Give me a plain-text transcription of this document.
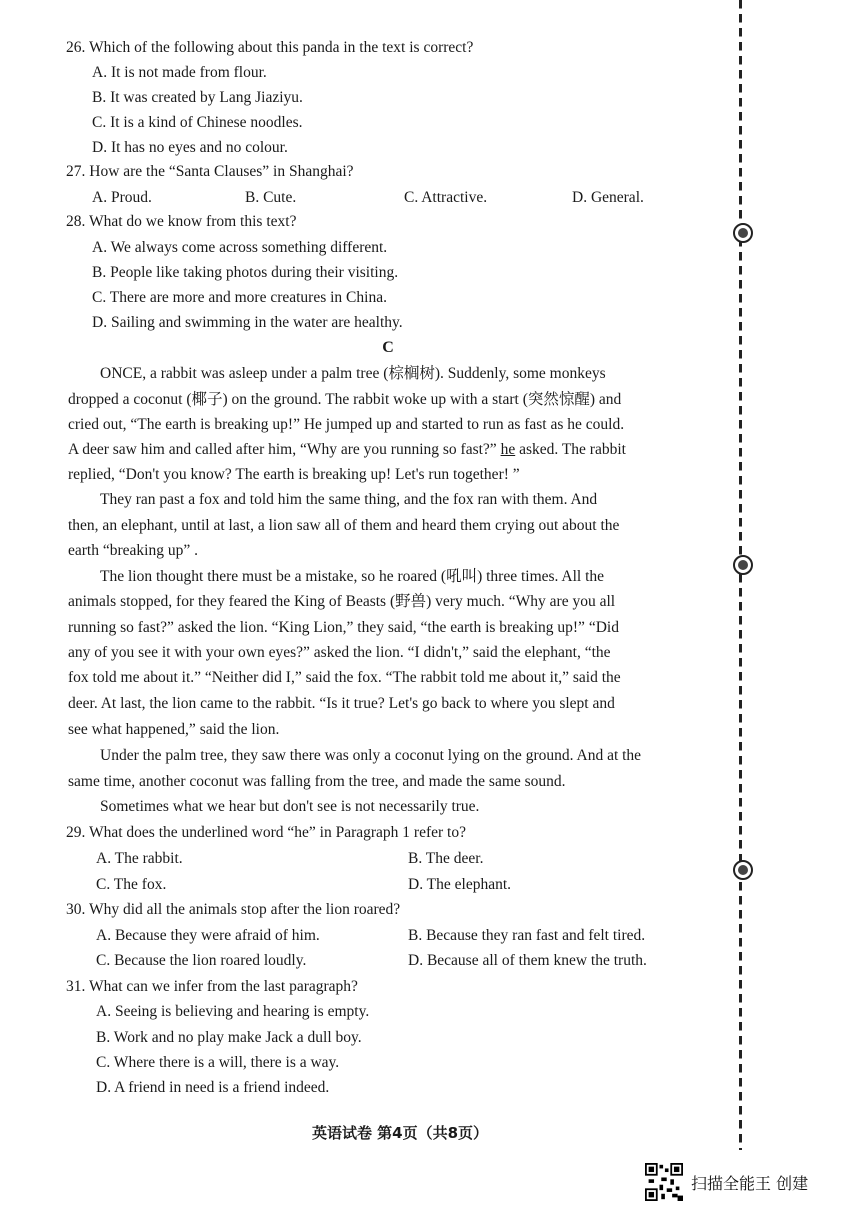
26. Which of the following about this panda in the text is correct?
A. It is not made from flour.
B. It was created by Lang Jiaziyu.
C. It is a kind of Chinese noodles.
D. It has no eyes and no colour.
27. How are the “Santa Clauses” in Shanghai?
A. Proud.	B. Cute.	C. Attractive.	D. General.
28. What do we know from this text?
A. We always come across something different.
B. People like taking photos during their visiting.
C. There are more and more creatures in China.
D. Sailing and swimming in the water are healthy.
C
ONCE, a rabbit was asleep under a palm tree (棕榈树). Suddenly, some monkeys
dropped a coconut (椰子) on the ground. The rabbit woke up with a start (突然惊醒) and
cried out, “The earth is breaking up!” He jumped up and started to run as fast as he could.
A deer saw him and called after him, “Why are you running so fast?” he asked. The rabbit
replied, “Don't you know? The earth is breaking up! Let's run together! ”
They ran past a fox and told him the same thing, and the fox ran with them. And
then, an elephant, until at last, a lion saw all of them and heard them crying out about the
earth “breaking up” .
The lion thought there must be a mistake, so he roared (吼叫) three times. All the
animals stopped, for they feared the King of Beasts (野兽) very much. “Why are you all
running so fast?” asked the lion. “King Lion,” they said, “the earth is breaking up!” “Did
any of you see it with your own eyes?” asked the lion. “I didn't,” said the elephant, “the
fox told me about it.” “Neither did I,” said the fox. “The rabbit told me about it,” said the
deer. At last, the lion came to the rabbit. “Is it true? Let's go back to where you slept and
see what happened,” said the lion.
Under the palm tree, they saw there was only a coconut lying on the ground. And at the
same time, another coconut was falling from the tree, and made the same sound.
Sometimes what we hear but don't see is not necessarily true.
29. What does the underlined word “he” in Paragraph 1 refer to?
A. The rabbit.	B. The deer.
C. The fox.	D. The elephant.
30. Why did all the animals stop after the lion roared?
A. Because they were afraid of him.	B. Because they ran fast and felt tired.
C. Because the lion roared loudly.	D. Because all of them knew the truth.
31. What can we infer from the last paragraph?
A. Seeing is believing and hearing is empty.
B. Work and no play make Jack a dull boy.
C. Where there is a will, there is a way.
D. A friend in need is a friend indeed.
英语试卷 第4页（共8页）
扫描全能王 创建
